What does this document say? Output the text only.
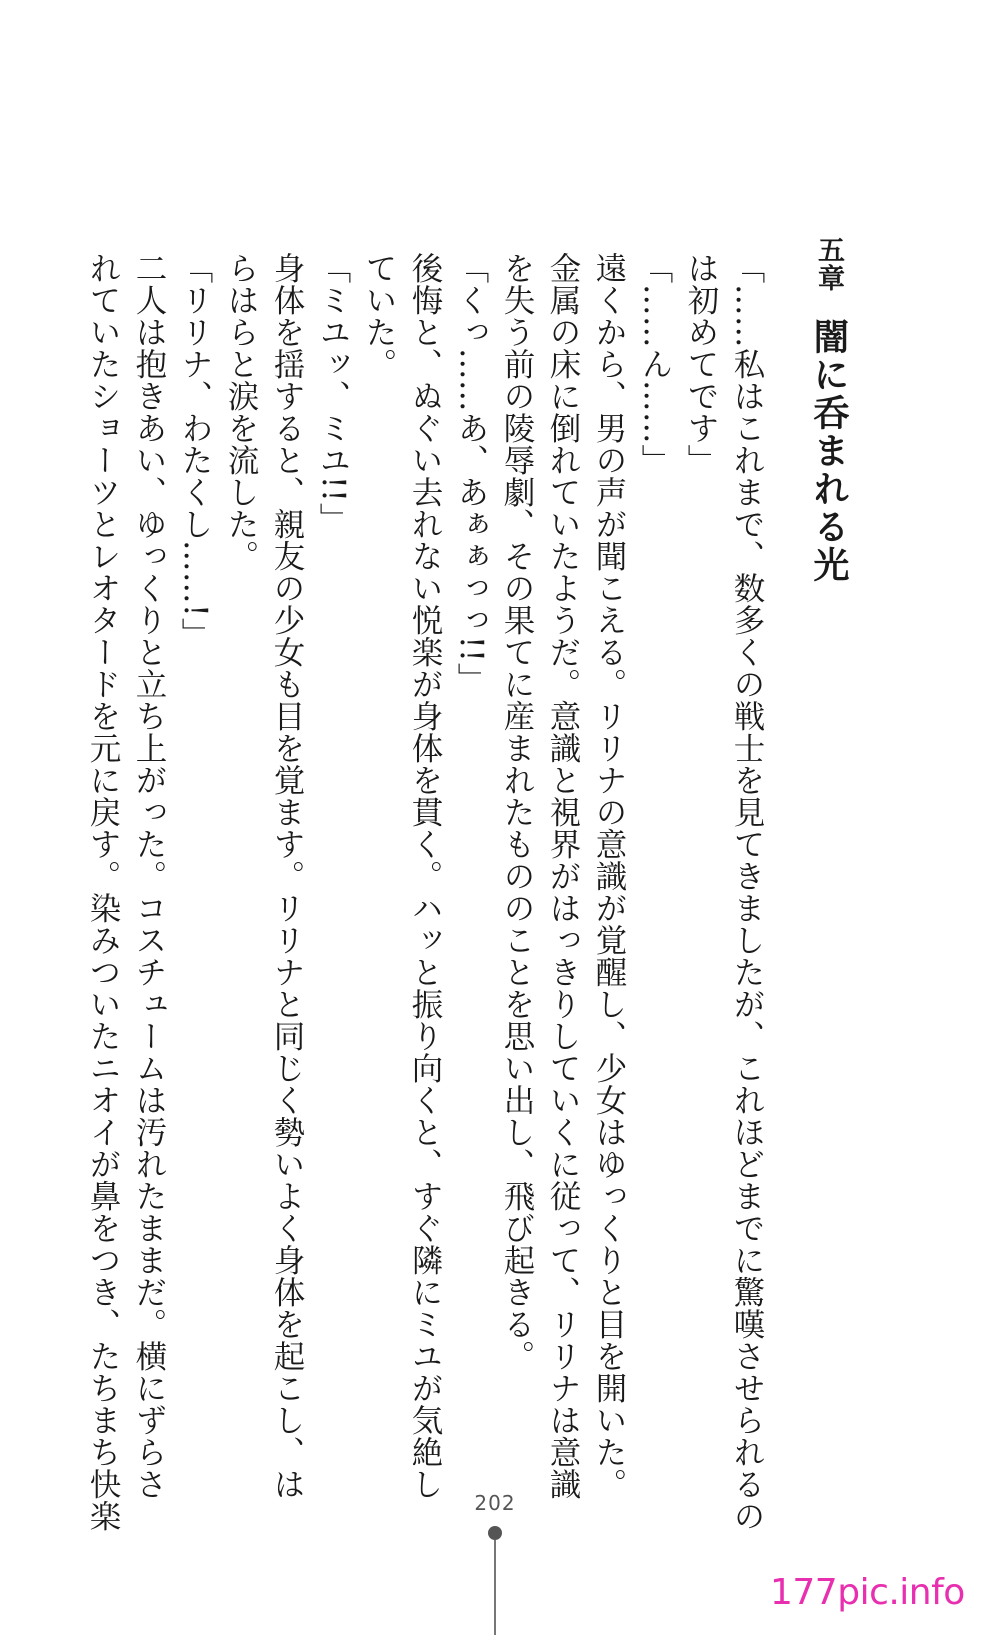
五章闇に呑まれる光
「……私はこれまで、数多くの戦士を見てきましたが、これほどまでに驚嘆させられるの
は初めてです」
「……ん……」
遠くから、男の声が聞こえる。リリナの意識が覚醒し、少女はゆっくりと目を開いた。
金属の床に倒れていたようだ。意識と視界がはっきりしていくに従って、リリナは意識
を失う前の陵辱劇、その果てに産まれたもののことを思い出し、飛び起きる。
「くっ……あ、あぁぁっっ!!」
後悔と、ぬぐい去れない悦楽が身体を貫く。ハッと振り向くと、すぐ隣にミユが気絶し
ていた。
「ミユッ、ミユ!!」
身体を揺すると、親友の少女も目を覚ます。リリナと同じく勢いよく身体を起こし、は
らはらと涙を流した。
「リリナ、わたくし……!」
二人は抱きあい、ゆっくりと立ち上がった。コスチュームは汚れたままだ。横にずらさ
れていたショーツとレオタードを元に戻す。染みついたニオイが鼻をつき、たちまち快楽	202
177pic.info
